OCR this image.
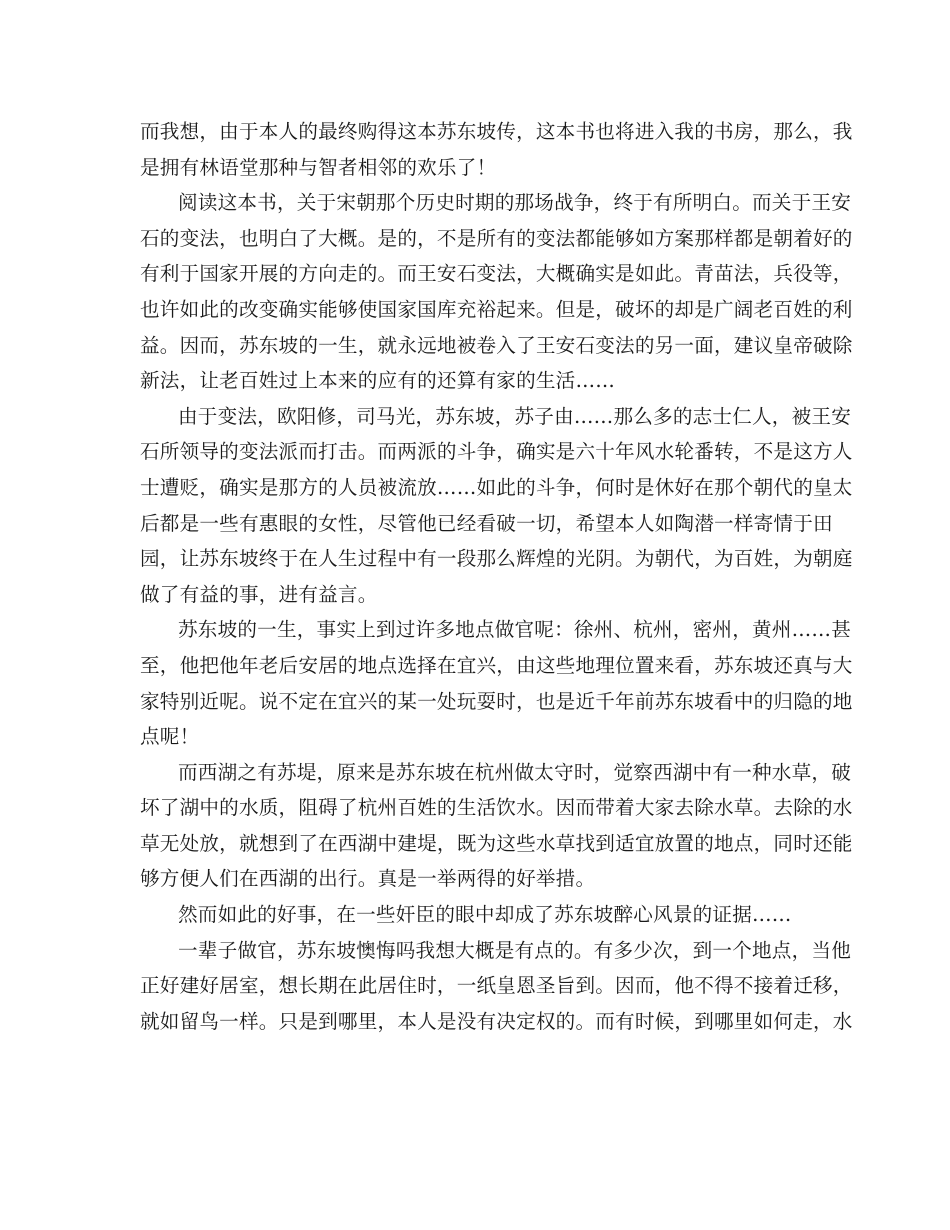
而我想，由于本人的最终购得这本苏东坡传，这本书也将进入我的书房，那么，我
是拥有林语堂那种与智者相邻的欢乐了！

阅读这本书，关于宋朝那个历史时期的那场战争，终于有所明白。而关于王安
石的变法，也明白了大概。是的，不是所有的变法都能够如方案那样都是朝着好的
有利于国家开展的方向走的。而王安石变法，大概确实是如此。青苗法，兵役等，
也许如此的改变确实能够使国家国库充裕起来。但是，破坏的却是广阔老百姓的利
益。因而，苏东坡的一生，就永远地被卷入了王安石变法的另一面，建议皇帝破除
新法，让老百姓过上本来的应有的还算有家的生活……

由于变法，欧阳修，司马光，苏东坡，苏子由……那么多的志士仁人，被王安
石所领导的变法派而打击。而两派的斗争，确实是六十年风水轮番转，不是这方人
士遭贬，确实是那方的人员被流放……如此的斗争，何时是休好在那个朝代的皇太
后都是一些有惠眼的女性，尽管他已经看破一切，希望本人如陶潜一样寄情于田
园，让苏东坡终于在人生过程中有一段那么辉煌的光阴。为朝代，为百姓，为朝庭
做了有益的事，进有益言。

苏东坡的一生，事实上到过许多地点做官呢：徐州、杭州，密州，黄州……甚
至，他把他年老后安居的地点选择在宜兴，由这些地理位置来看，苏东坡还真与大
家特别近呢。说不定在宜兴的某一处玩耍时，也是近千年前苏东坡看中的归隐的地
点呢！

而西湖之有苏堤，原来是苏东坡在杭州做太守时，觉察西湖中有一种水草，破
坏了湖中的水质，阻碍了杭州百姓的生活饮水。因而带着大家去除水草。去除的水
草无处放，就想到了在西湖中建堤，既为这些水草找到适宜放置的地点，同时还能
够方便人们在西湖的出行。真是一举两得的好举措。

然而如此的好事，在一些奸臣的眼中却成了苏东坡醉心风景的证据……

一辈子做官，苏东坡懊悔吗我想大概是有点的。有多少次，到一个地点，当他
正好建好居室，想长期在此居住时，一纸皇恩圣旨到。因而，他不得不接着迁移，
就如留鸟一样。只是到哪里，本人是没有决定权的。而有时候，到哪里如何走，水
